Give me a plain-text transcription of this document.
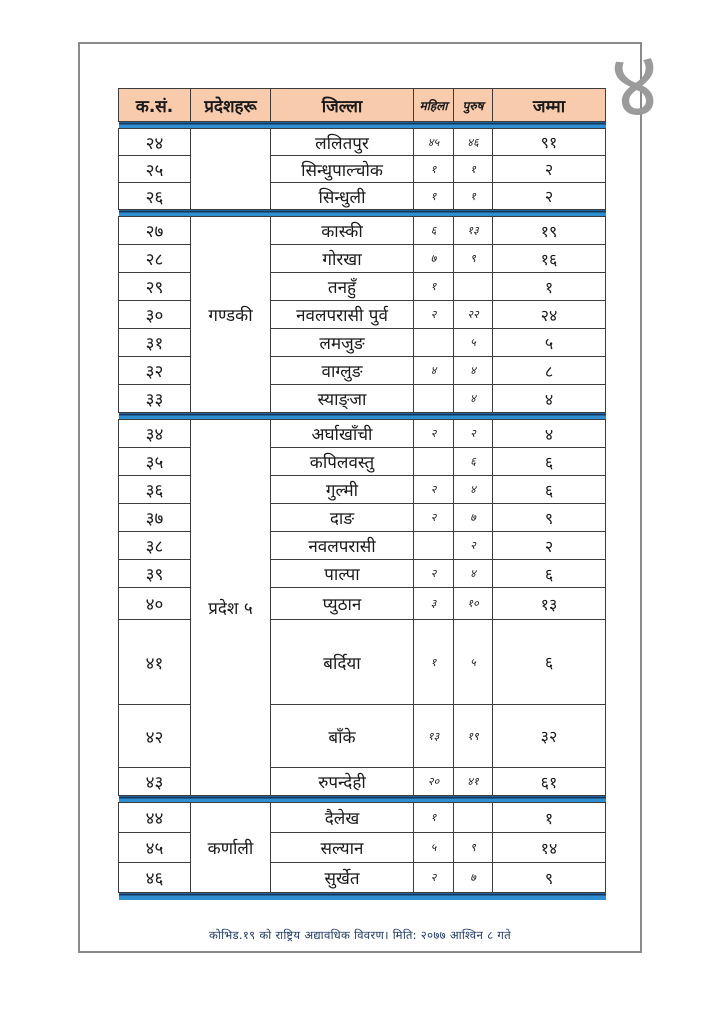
क.सं.	प्रदेशहरू	जिल्ला	महिला	पुरुष	जम्मा

२४		ललितपुर	४५	४६	९१
२५		सिन्धुपाल्चोक	१	१	२
२६		सिन्धुली	१	१	२

२७	गण्डकी	कास्की	६	१३	१९
२८		गोरखा	७	९	१६
२९		तनहुँ	१		१
३०		नवलपरासी पुर्व	२	२२	२४
३१		लमजुङ		५	५
३२		वाग्लुङ	४	४	८
३३		स्याङ्जा		४	४

३४	प्रदेश ५	अर्घाखाँची	२	२	४
३५		कपिलवस्तु		६	६
३६		गुल्मी	२	४	६
३७		दाङ	२	७	९
३८		नवलपरासी		२	२
३९		पाल्पा	२	४	६
४०		प्युठान	३	१०	१३
४१		बर्दिया	१	५	६
४२		बाँके	१३	१९	३२
४३		रुपन्देही	२०	४१	६१

४४	कर्णाली	दैलेख	१		१
४५		सल्यान	५	९	१४
४६		सुर्खेत	२	७	९

कोभिड.१९ को राष्ट्रिय अद्यावधिक विवरण। मिति: २०७७ आश्विन ८ गते
४
